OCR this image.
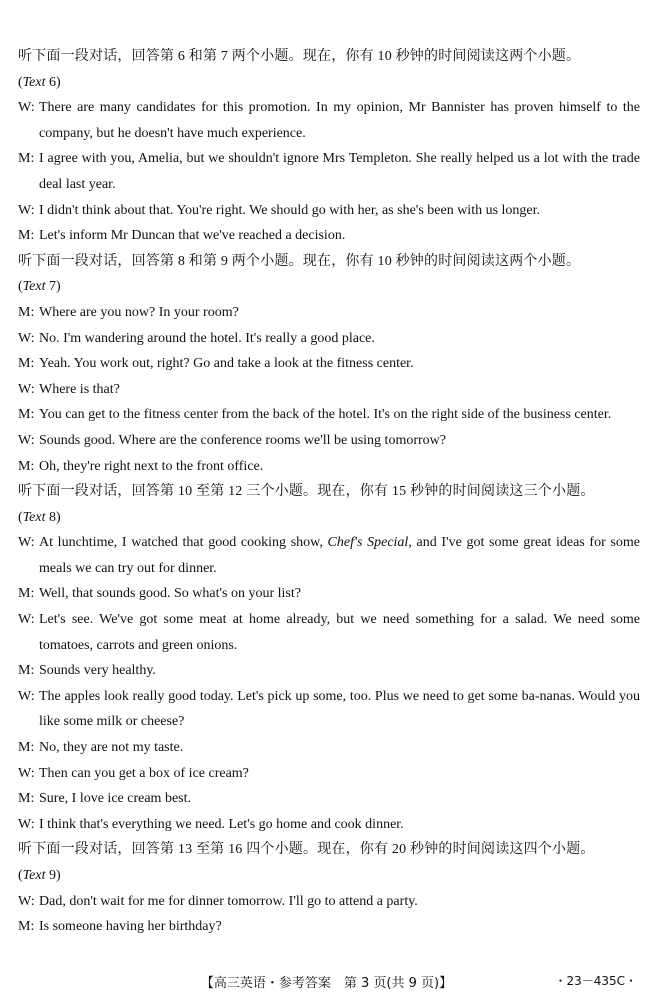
听下面一段对话，回答第 6 和第 7 两个小题。现在，你有 10 秒钟的时间阅读这两个小题。
(Text 6)
W: There are many candidates for this promotion. In my opinion, Mr Bannister has proven himself to the company, but he doesn't have much experience.
M: I agree with you, Amelia, but we shouldn't ignore Mrs Templeton. She really helped us a lot with the trade deal last year.
W: I didn't think about that. You're right. We should go with her, as she's been with us longer.
M: Let's inform Mr Duncan that we've reached a decision.
听下面一段对话，回答第 8 和第 9 两个小题。现在，你有 10 秒钟的时间阅读这两个小题。
(Text 7)
M: Where are you now? In your room?
W: No. I'm wandering around the hotel. It's really a good place.
M: Yeah. You work out, right? Go and take a look at the fitness center.
W: Where is that?
M: You can get to the fitness center from the back of the hotel. It's on the right side of the business center.
W: Sounds good. Where are the conference rooms we'll be using tomorrow?
M: Oh, they're right next to the front office.
听下面一段对话，回答第 10 至第 12 三个小题。现在，你有 15 秒钟的时间阅读这三个小题。
(Text 8)
W: At lunchtime, I watched that good cooking show, Chef's Special, and I've got some great ideas for some meals we can try out for dinner.
M: Well, that sounds good. So what's on your list?
W: Let's see. We've got some meat at home already, but we need something for a salad. We need some tomatoes, carrots and green onions.
M: Sounds very healthy.
W: The apples look really good today. Let's pick up some, too. Plus we need to get some ba-nanas. Would you like some milk or cheese?
M: No, they are not my taste.
W: Then can you get a box of ice cream?
M: Sure, I love ice cream best.
W: I think that's everything we need. Let's go home and cook dinner.
听下面一段对话，回答第 13 至第 16 四个小题。现在，你有 20 秒钟的时间阅读这四个小题。
(Text 9)
W: Dad, don't wait for me for dinner tomorrow. I'll go to attend a party.
M: Is someone having her birthday?
【高三英语・参考答案　第 3 页(共 9 页)】	・23－435C・
